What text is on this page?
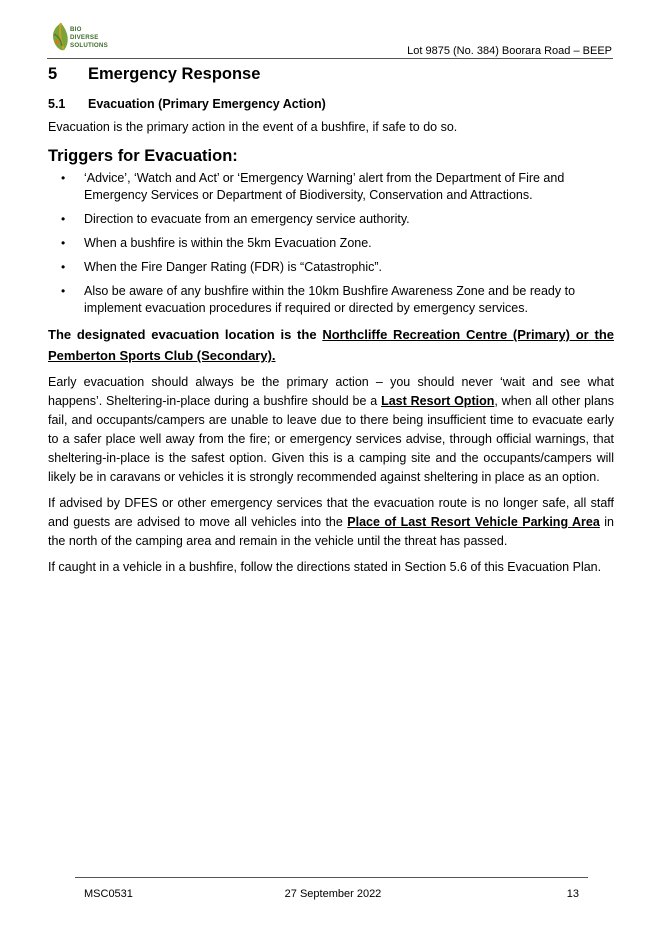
BIO
DIVERSE
SOLUTIONS	Lot 9875 (No. 384) Boorara Road – BEEP
5	Emergency Response
5.1	Evacuation (Primary Emergency Action)

Evacuation is the primary action in the event of a bushfire, if safe to do so.

Triggers for Evacuation:
• ‘Advice’, ‘Watch and Act’ or ‘Emergency Warning’ alert from the Department of Fire and Emergency Services or Department of Biodiversity, Conservation and Attractions.
• Direction to evacuate from an emergency service authority.
• When a bushfire is within the 5km Evacuation Zone.
• When the Fire Danger Rating (FDR) is “Catastrophic”.
• Also be aware of any bushfire within the 10km Bushfire Awareness Zone and be ready to implement evacuation procedures if required or directed by emergency services.

The designated evacuation location is the Northcliffe Recreation Centre (Primary) or the Pemberton Sports Club (Secondary).

Early evacuation should always be the primary action – you should never ‘wait and see what happens’. Sheltering-in-place during a bushfire should be a Last Resort Option, when all other plans fail, and occupants/campers are unable to leave due to there being insufficient time to evacuate early to a safer place well away from the fire; or emergency services advise, through official warnings, that sheltering-in-place is the safest option. Given this is a camping site and the occupants/campers will likely be in caravans or vehicles it is strongly recommended against sheltering in place as an option.

If advised by DFES or other emergency services that the evacuation route is no longer safe, all staff and guests are advised to move all vehicles into the Place of Last Resort Vehicle Parking Area in the north of the camping area and remain in the vehicle until the threat has passed.

If caught in a vehicle in a bushfire, follow the directions stated in Section 5.6 of this Evacuation Plan.

MSC0531	27 September 2022	13
